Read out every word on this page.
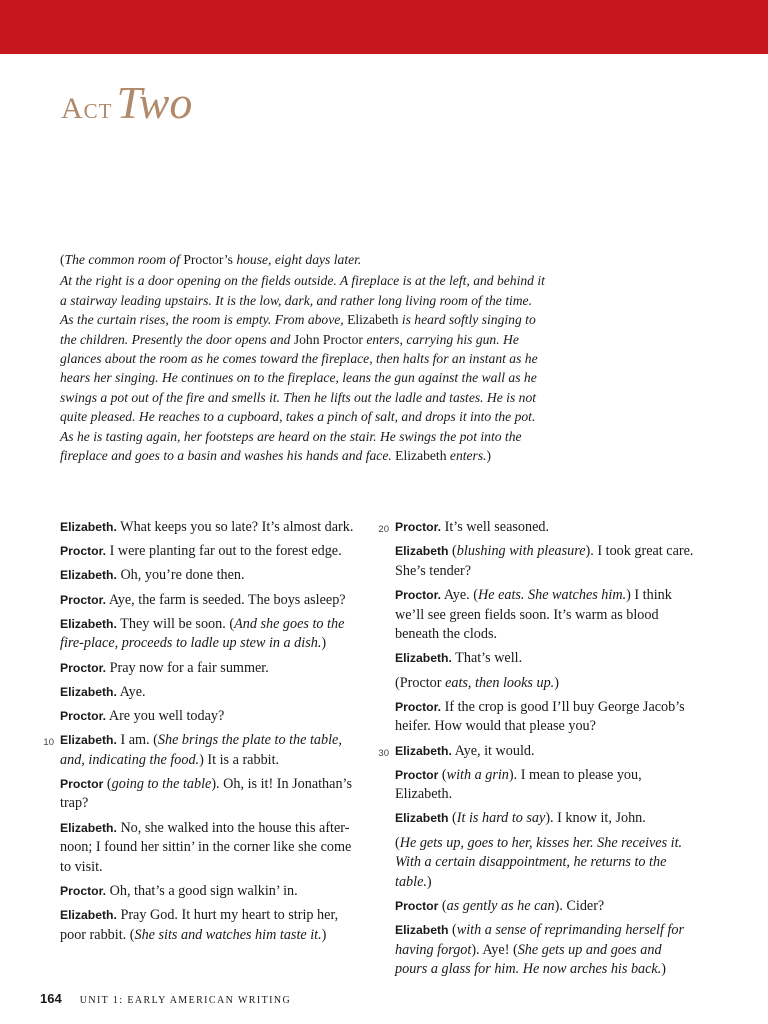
ActTwo

(The common room of Proctor’s house, eight days later.

At the right is a door opening on the fields outside. A fireplace is at the left, and behind it a stairway leading upstairs. It is the low, dark, and rather long living room of the time. As the curtain rises, the room is empty. From above, Elizabeth is heard softly singing to the children. Presently the door opens and John Proctor enters, carrying his gun. He glances about the room as he comes toward the fireplace, then halts for an instant as he hears her singing. He continues on to the fireplace, leans the gun against the wall as he swings a pot out of the fire and smells it. Then he lifts out the ladle and tastes. He is not quite pleased. He reaches to a cupboard, takes a pinch of salt, and drops it into the pot. As he is tasting again, her footsteps are heard on the stair. He swings the pot into the fireplace and goes to a basin and washes his hands and face. Elizabeth enters.)

Elizabeth. What keeps you so late? It’s almost dark.

Proctor. I were planting far out to the forest edge.

Elizabeth. Oh, you’re done then.

Proctor. Aye, the farm is seeded. The boys asleep?

Elizabeth. They will be soon. (And she goes to the fire-place, proceeds to ladle up stew in a dish.)

Proctor. Pray now for a fair summer.

Elizabeth. Aye.

Proctor. Are you well today?

10 Elizabeth. I am. (She brings the plate to the table, and, indicating the food.) It is a rabbit.

Proctor (going to the table). Oh, is it! In Jonathan’s trap?

Elizabeth. No, she walked into the house this after-noon; I found her sittin’ in the corner like she come to visit.

Proctor. Oh, that’s a good sign walkin’ in.

Elizabeth. Pray God. It hurt my heart to strip her, poor rabbit. (She sits and watches him taste it.)

20 Proctor. It’s well seasoned.

Elizabeth (blushing with pleasure). I took great care. She’s tender?

Proctor. Aye. (He eats. She watches him.) I think we’ll see green fields soon. It’s warm as blood beneath the clods.

Elizabeth. That’s well.

(Proctor eats, then looks up.)

Proctor. If the crop is good I’ll buy George Jacob’s heifer. How would that please you?

30 Elizabeth. Aye, it would.

Proctor (with a grin). I mean to please you, Elizabeth.

Elizabeth (It is hard to say). I know it, John.

(He gets up, goes to her, kisses her. She receives it. With a certain disappointment, he returns to the table.)

Proctor (as gently as he can). Cider?

Elizabeth (with a sense of reprimanding herself for having forgot). Aye! (She gets up and goes and pours a glass for him. He now arches his back.)

164 UNIT 1: EARLY AMERICAN WRITING
